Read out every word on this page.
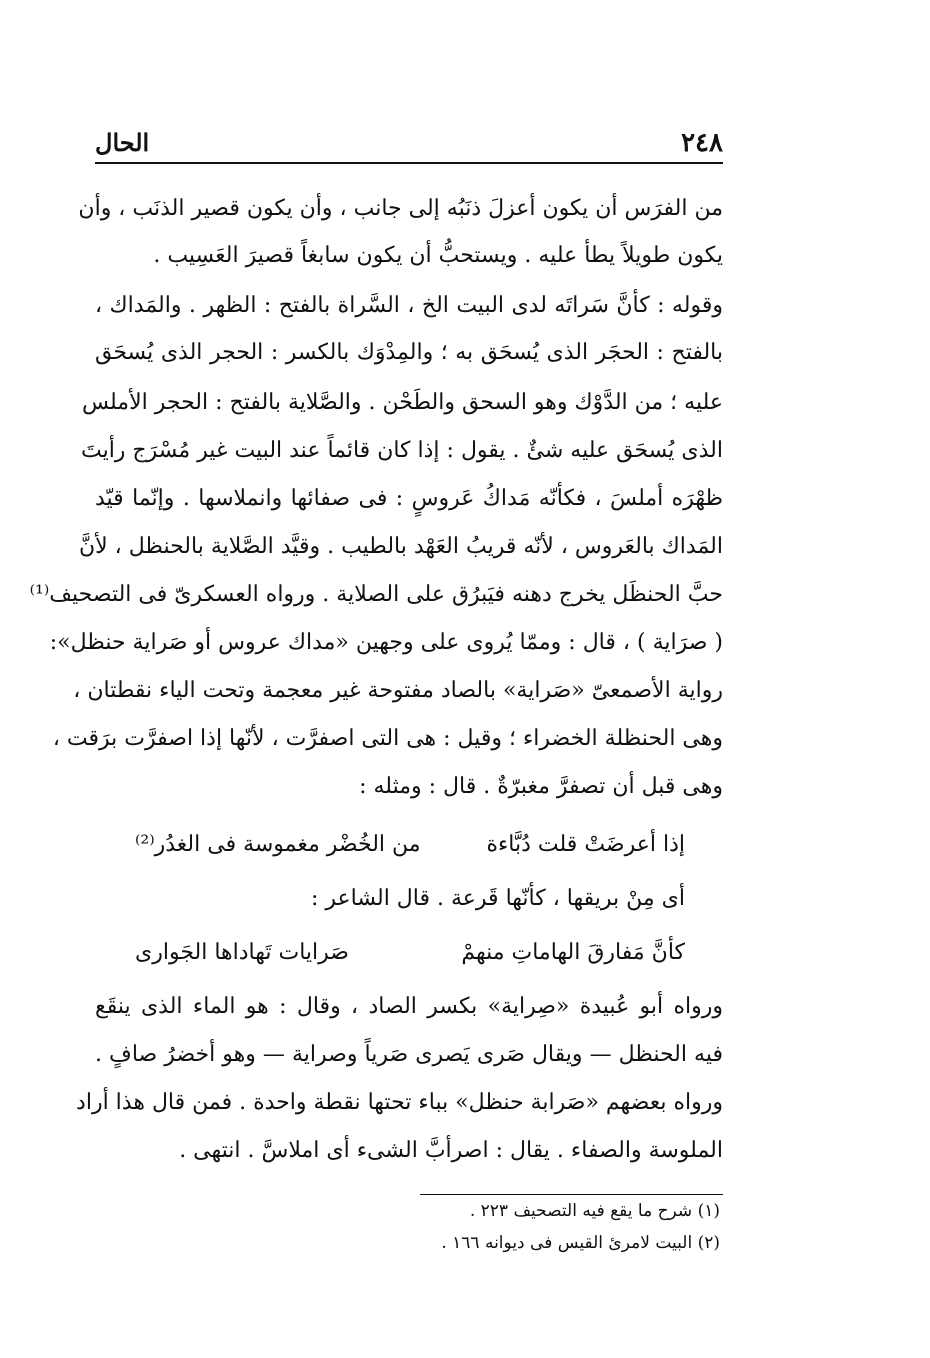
٢٤٨
الحال
من الفرَس أن يكون أعزلَ ذنَبُه إلى جانب ، وأن يكون قصير الذنَب ، وأن
يكون طويلاً يطأ عليه . ويستحبُّ أن يكون سابغاً قصيرَ العَسِيب .
وقوله : كأنَّ سَراتَه لدى البيت الخ ، السَّراة بالفتح : الظهر . والمَداك ،
بالفتح : الحجَر الذى يُسحَق به ؛ والمِدْوَك بالكسر : الحجر الذى يُسحَق
عليه ؛ من الدَّوْك وهو السحق والطَحْن . والصَّلاية بالفتح : الحجر الأملس
الذى يُسحَق عليه شئٌ . يقول : إذا كان قائماً عند البيت غير مُسْرَج رأيتَ
ظهْرَه أملسَ ، فكأنّه مَداكُ عَروسٍ : فى صفائها وانملاسها . وإنّما قيّد
المَداك بالعَروس ، لأنّه قريبُ العَهْد بالطيب . وقيَّد الصَّلاية بالحنظل ، لأنَّ
حبَّ الحنظَل يخرج دهنه فيَبرُق على الصلاية . ورواه العسكرىّ فى التصحيف⁽¹⁾
( صرَاية ) ، قال : وممّا يُروى على وجهين «مداك عروس أو صَراية حنظل»:
رواية الأصمعىّ «صَراية» بالصاد مفتوحة غير معجمة وتحت الياء نقطتان ،
وهى الحنظلة الخضراء ؛ وقيل : هى التى اصفرَّت ، لأنّها إذا اصفرَّت برَقت ،
وهى قبل أن تصفرَّ مغبرّةٌ . قال : ومثله :
إذا أعرضَتْ قلت دُبَّاءة
من الخُضْر مغموسة فى الغدُر⁽²⁾
أى مِنْ بريقها ، كأنّها قَرعة . قال الشاعر :
كأنَّ مَفارقَ الهاماتِ منهمْ
صَرايات تَهاداها الجَوارى
ورواه أبو عُبيدة «صِراية» بكسر الصاد ، وقال : هو الماء الذى ينقَع
فيه الحنظل — ويقال صَرى يَصرى صَرياً وصراية — وهو أخضرُ صافٍ .
ورواه بعضهم «صَرابة حنظل» بباء تحتها نقطة واحدة . فمن قال هذا أراد
الملوسة والصفاء . يقال : اصرأبَّ الشىء أى املاسَّ . انتهى .
(١) شرح ما يقع فيه التصحيف ٢٢٣ .
(٢) البيت لامرئ القيس فى ديوانه ١٦٦ .
